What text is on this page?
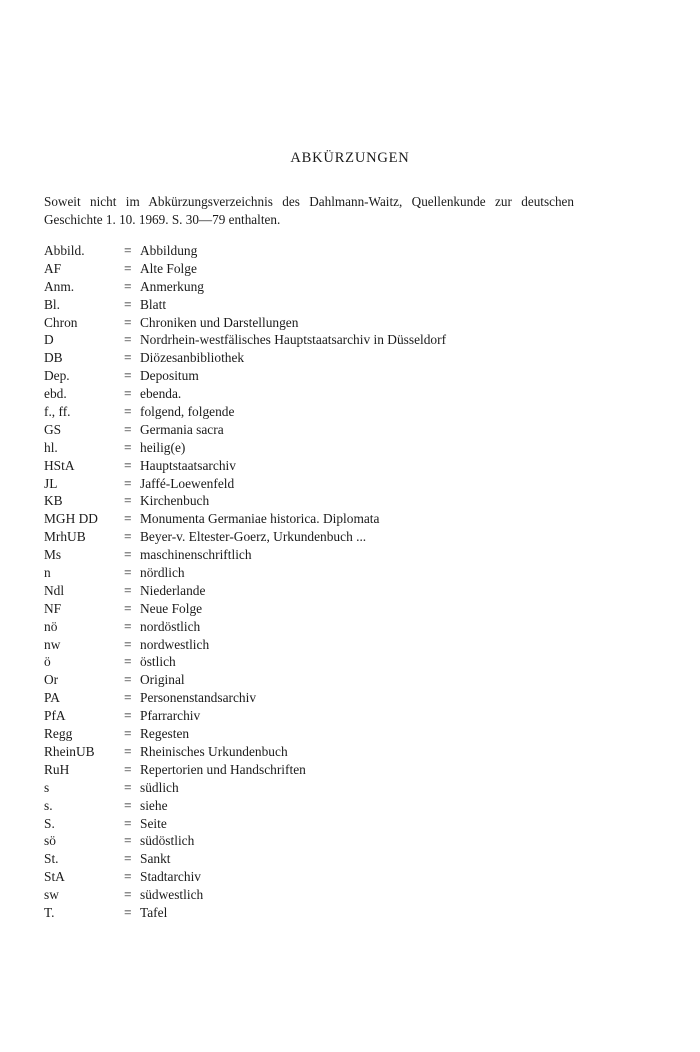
ABKÜRZUNGEN

Soweit nicht im Abkürzungsverzeichnis des Dahlmann-Waitz, Quellenkunde zur deutschen Geschichte 1. 10. 1969. S. 30—79 enthalten.

Abbild.	= Abbildung
AF	= Alte Folge
Anm.	= Anmerkung
Bl.	= Blatt
Chron	= Chroniken und Darstellungen
D	= Nordrhein-westfälisches Hauptstaatsarchiv in Düsseldorf
DB	= Diözesanbibliothek
Dep.	= Depositum
ebd.	= ebenda.
f., ff.	= folgend, folgende
GS	= Germania sacra
hl.	= heilig(e)
HStA	= Hauptstaatsarchiv
JL	= Jaffé-Loewenfeld
KB	= Kirchenbuch
MGH DD	= Monumenta Germaniae historica. Diplomata
MrhUB	= Beyer-v. Eltester-Goerz, Urkundenbuch ...
Ms	= maschinenschriftlich
n	= nördlich
Ndl	= Niederlande
NF	= Neue Folge
nö	= nordöstlich
nw	= nordwestlich
ö	= östlich
Or	= Original
PA	= Personenstandsarchiv
PfA	= Pfarrarchiv
Regg	= Regesten
RheinUB	= Rheinisches Urkundenbuch
RuH	= Repertorien und Handschriften
s	= südlich
s.	= siehe
S.	= Seite
sö	= südöstlich
St.	= Sankt
StA	= Stadtarchiv
sw	= südwestlich
T.	= Tafel
